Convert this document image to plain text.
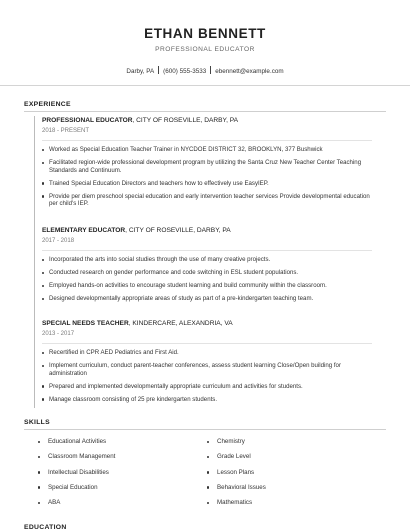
ETHAN BENNETT
PROFESSIONAL EDUCATOR
Darby, PA (600) 555-3533 ebennett@example.com
EXPERIENCE
PROFESSIONAL EDUCATOR, CITY OF ROSEVILLE, DARBY, PA
2018 - PRESENT
Worked as Special Education Teacher Trainer in NYCDOE DISTRICT 32, BROOKLYN, 377 Bushwick
Facilitated region-wide professional development program by utilizing the Santa Cruz New Teacher Center Teaching Standards and Continuum.
Trained Special Education Directors and teachers how to effectively use EasyIEP.
Provide per diem preschool special education and early intervention teacher services Provide developmental education per child's IEP.
ELEMENTARY EDUCATOR, CITY OF ROSEVILLE, DARBY, PA
2017 - 2018
Incorporated the arts into social studies through the use of many creative projects.
Conducted research on gender performance and code switching in ESL student populations.
Employed hands-on activities to encourage student learning and build community within the classroom.
Designed developmentally appropriate areas of study as part of a pre-kindergarten teaching team.
SPECIAL NEEDS TEACHER, KINDERCARE, ALEXANDRIA, VA
2013 - 2017
Recertified in CPR AED Pediatrics and First Aid.
Implement curriculum, conduct parent-teacher conferences, assess student learning Close/Open building for administration
Prepared and implemented developmentally appropriate curriculum and activities for students.
Manage classroom consisting of 25 pre kindergarten students.
SKILLS
Educational Activities
Classroom Management
Intellectual Disabilities
Special Education
ABA
Chemistry
Grade Level
Lesson Plans
Behavioral Issues
Mathematics
EDUCATION
